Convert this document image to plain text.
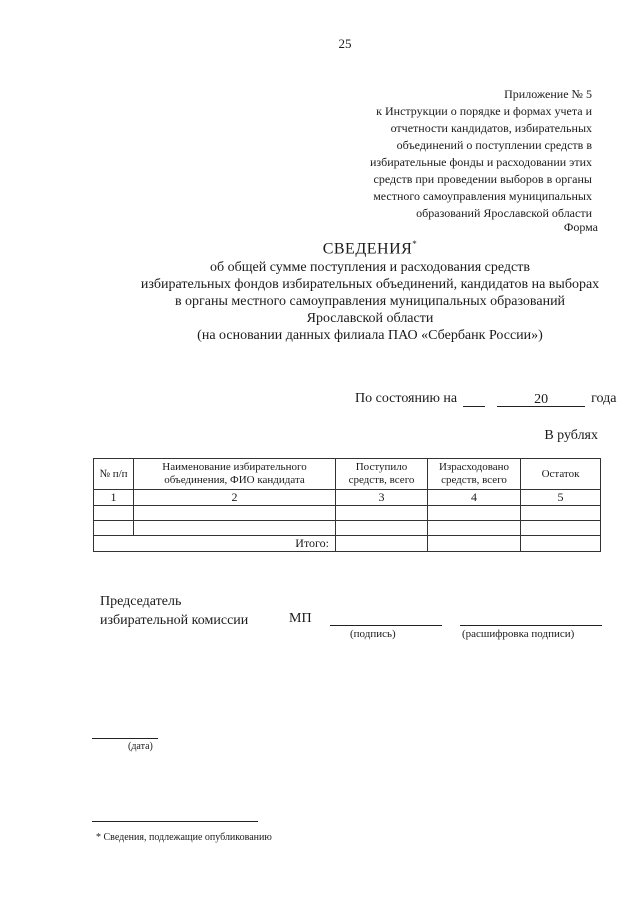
25
Приложение № 5
к Инструкции о порядке и формах учета и
отчетности кандидатов, избирательных
объединений о поступлении средств в
избирательные фонды и расходовании этих
средств при проведении выборов в органы
местного самоуправления муниципальных
образований Ярославской области
Форма
СВЕДЕНИЯ*
об общей сумме поступления и расходования средств
избирательных фондов избирательных объединений, кандидатов на выборах
в органы местного самоуправления муниципальных образований
Ярославской области
(на основании данных филиала ПАО «Сбербанк России»)
По состоянию на	20	года
В рублях
№ п/п	Наименование избирательного объединения, ФИО кандидата	Поступило средств, всего	Израсходовано средств, всего	Остаток
1	2	3	4	5

Итого:				
Председатель
избирательной комиссии	МП
(подпись)	(расшифровка подписи)
(дата)
* Сведения, подлежащие опубликованию
